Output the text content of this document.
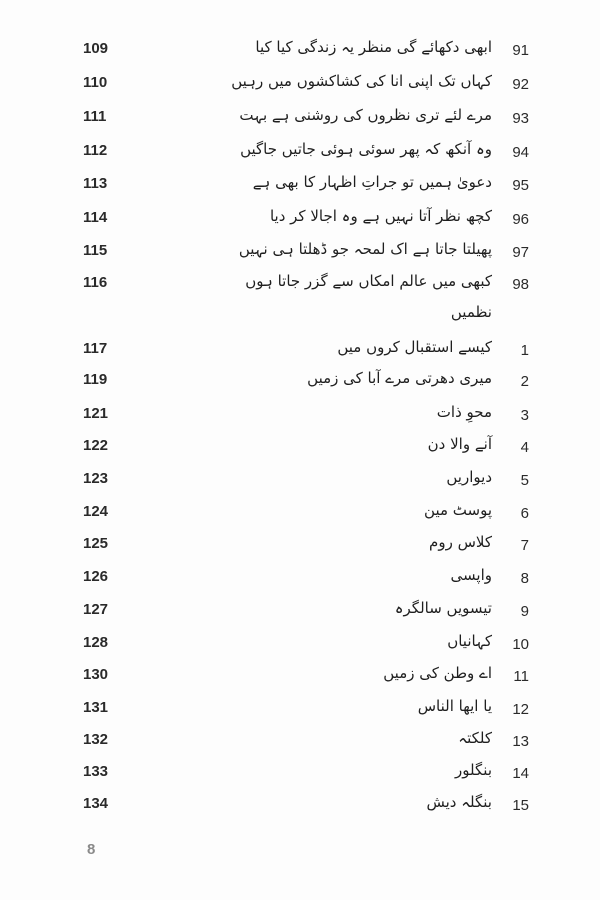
109	ابھی دکھائے گی منظر یہ زندگی کیا کیا	91
110	کہاں تک اپنی انا کی کشاکشوں میں رہیں	92
111	مرے لئے تری نظروں کی روشنی ہے بہت	93
112	وہ آنکھ کہ پھر سوئی ہوئی جاتیں جاگیں	94
113	دعویٰ ہمیں تو جراتِ اظہار کا بھی ہے	95
114	کچھ نظر آتا نہیں ہے وہ اجالا کر دیا	96
115	پھیلتا جاتا ہے اک لمحہ جو ڈھلتا ہی نہیں	97
116	کبھی میں عالم امکاں سے گزر جاتا ہوں	98
نظمیں
117	کیسے استقبال کروں میں	1
119	میری دھرتی مرے آبا کی زمیں	2
121	محوِ ذات	3
122	آنے والا دن	4
123	دیواریں	5
124	پوسٹ مین	6
125	کلاس روم	7
126	واپسی	8
127	تیسویں سالگرہ	9
128	کہانیاں	10
130	اے وطن کی زمیں	11
131	یا ایھا الناس	12
132	کلکتہ	13
133	بنگلور	14
134	بنگلہ دیش	15
8
